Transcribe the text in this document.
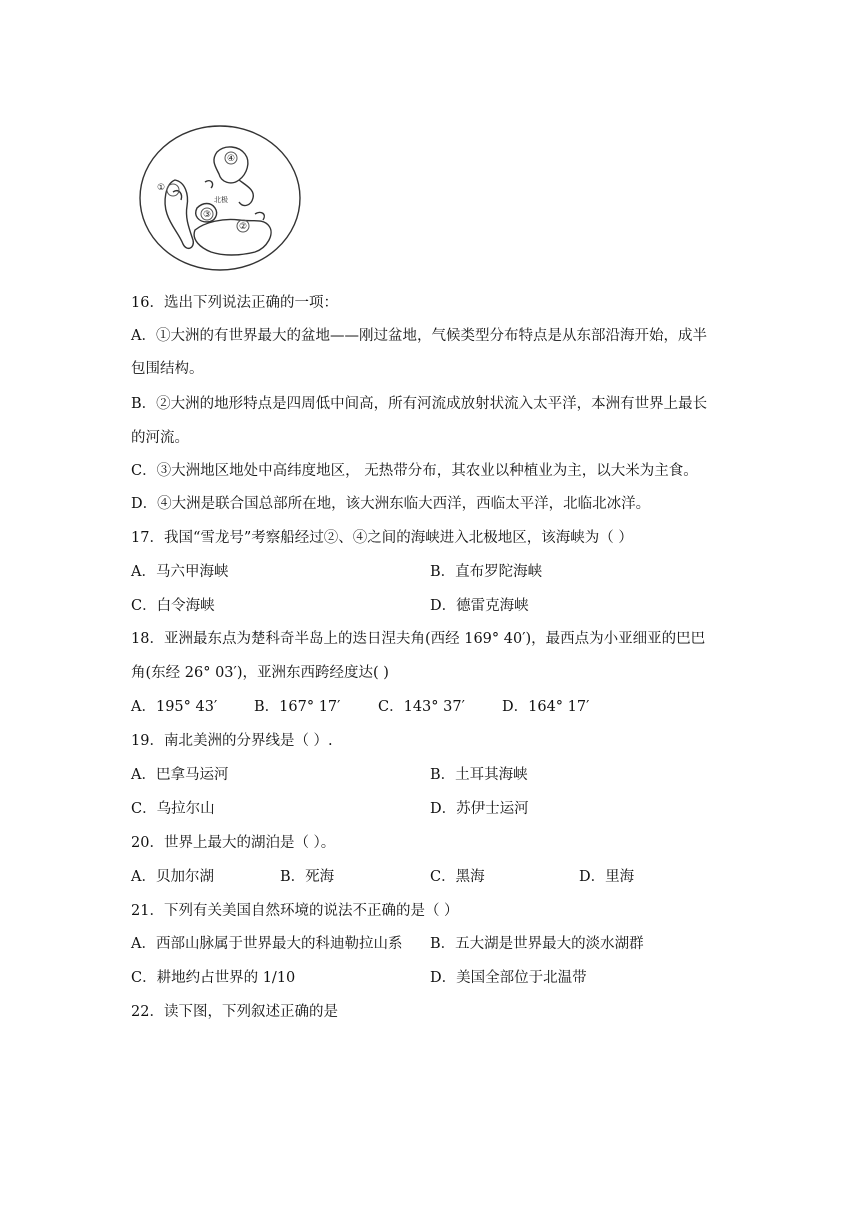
①
②
③
④
北极
16．选出下列说法正确的一项：
A．①大洲的有世界最大的盆地——刚过盆地，气候类型分布特点是从东部沿海开始，成半
包围结构。
B．②大洲的地形特点是四周低中间高，所有河流成放射状流入太平洋，本洲有世界上最长
的河流。
C．③大洲地区地处中高纬度地区， 无热带分布，其农业以种植业为主，以大米为主食。
D．④大洲是联合国总部所在地，该大洲东临大西洋，西临太平洋，北临北冰洋。
17．我国“雪龙号”考察船经过②、④之间的海峡进入北极地区，该海峡为（ ）
A．马六甲海峡	B．直布罗陀海峡
C．白令海峡	D．德雷克海峡
18．亚洲最东点为楚科奇半岛上的迭日涅夫角(西经 169° 40′)，最西点为小亚细亚的巴巴
角(东经 26° 03′)，亚洲东西跨经度达( )
A．195° 43′	B．167° 17′	C．143° 37′	D．164° 17′
19．南北美洲的分界线是（ ）.
A．巴拿马运河	B．土耳其海峡
C．乌拉尔山	D．苏伊士运河
20．世界上最大的湖泊是（ ）。
A．贝加尔湖	B．死海	C．黑海	D．里海
21．下列有关美国自然环境的说法不正确的是（ ）
A．西部山脉属于世界最大的科迪勒拉山系 B．五大湖是世界最大的淡水湖群
C．耕地约占世界的 1/10	D．美国全部位于北温带
22．读下图，下列叙述正确的是
